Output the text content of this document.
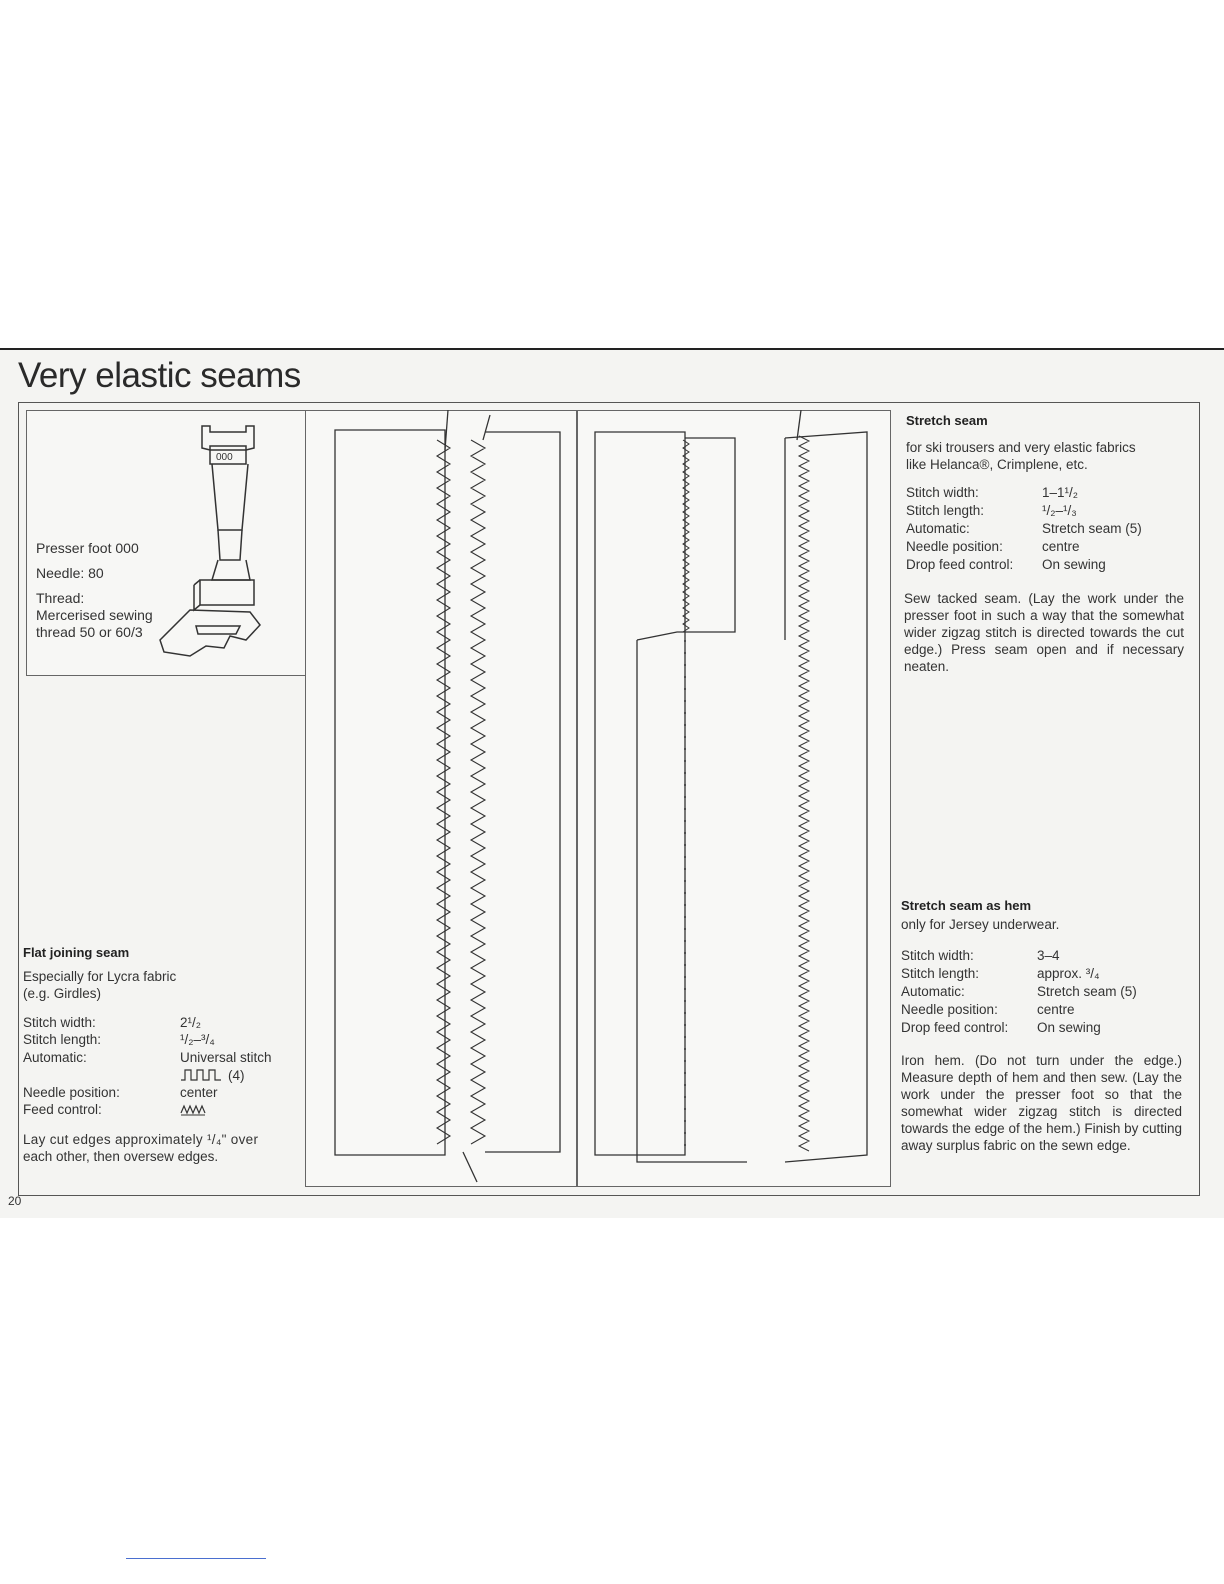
Very elastic seams
Presser foot 000
Needle: 80
Thread:
Mercerised sewing
thread 50 or 60/3
000
Flat joining seam
Especially for Lycra fabric
(e.g. Girdles)
Stitch width:	2¹/₂
Stitch length:	¹/₂–³/₄
Automatic:	Universal stitch
(4)
Needle position:	center
Feed control:
Lay cut edges approximately ¹/₄" over
each other, then oversew edges.
Stretch seam
for ski trousers and very elastic fabrics
like Helanca®, Crimplene, etc.
Stitch width:	1–1¹/₂
Stitch length:	¹/₂–¹/₃
Automatic:	Stretch seam (5)
Needle position:	centre
Drop feed control: On sewing
Sew tacked seam. (Lay the work under the presser foot in such a way that the somewhat wider zigzag stitch is directed towards the cut edge.) Press seam open and if necessary neaten.
Stretch seam as hem
only for Jersey underwear.
Stitch width:	3–4
Stitch length:	approx. ³/₄
Automatic:	Stretch seam (5)
Needle position:	centre
Drop feed control: On sewing
Iron hem. (Do not turn under the edge.) Measure depth of hem and then sew. (Lay the work under the presser foot so that the somewhat wider zigzag stitch is directed towards the edge of the hem.) Finish by cutting away surplus fabric on the sewn edge.
20
